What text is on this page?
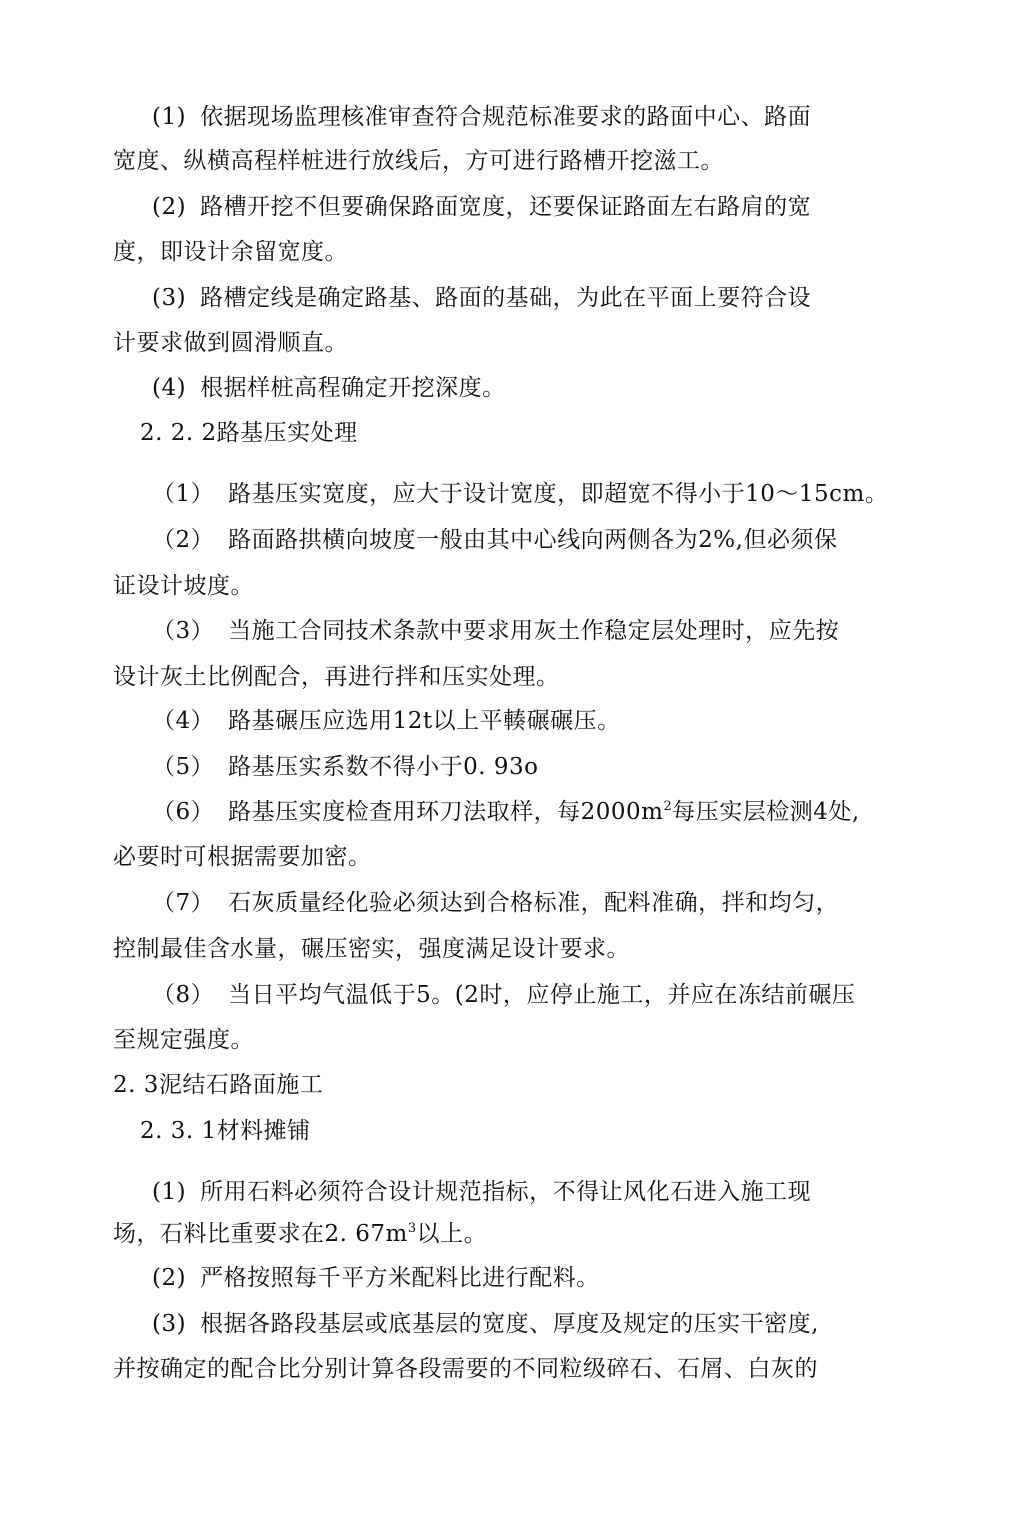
(1) 依据现场监理核准审查符合规范标准要求的路面中心、路面
宽度、纵横高程样桩进行放线后，方可进行路槽开挖滋工。
(2) 路槽开挖不但要确保路面宽度，还要保证路面左右路肩的宽
度，即设计余留宽度。
(3) 路槽定线是确定路基、路面的基础，为此在平面上要符合设
计要求做到圆滑顺直。
(4) 根据样桩高程确定开挖深度。
2. 2. 2路基压实处理
（1） 路基压实宽度，应大于设计宽度，即超宽不得小于10～15cm。
（2） 路面路拱横向坡度一般由其中心线向两侧各为2%,但必须保
证设计坡度。
（3） 当施工合同技术条款中要求用灰土作稳定层处理时，应先按
设计灰土比例配合，再进行拌和压实处理。
（4） 路基碾压应选用12t以上平輳碾碾压。
（5） 路基压实系数不得小于0. 93o
（6） 路基压实度检查用环刀法取样，每$2000m^2$每压实层检测4处,
必要时可根据需要加密。
（7） 石灰质量经化验必须达到合格标准，配料准确，拌和均匀，
控制最佳含水量，碾压密实，强度满足设计要求。
（8） 当日平均气温低于5。(2时，应停止施工，并应在冻结前碾压
至规定强度。
2. 3泥结石路面施工
2. 3. 1材料摊铺
(1) 所用石料必须符合设计规范指标，不得让风化石进入施工现
场，石料比重要求在2. $67m^3$以上。
(2) 严格按照每千平方米配料比进行配料。
(3) 根据各路段基层或底基层的宽度、厚度及规定的压实干密度,
并按确定的配合比分别计算各段需要的不同粒级碎石、石屑、白灰的
